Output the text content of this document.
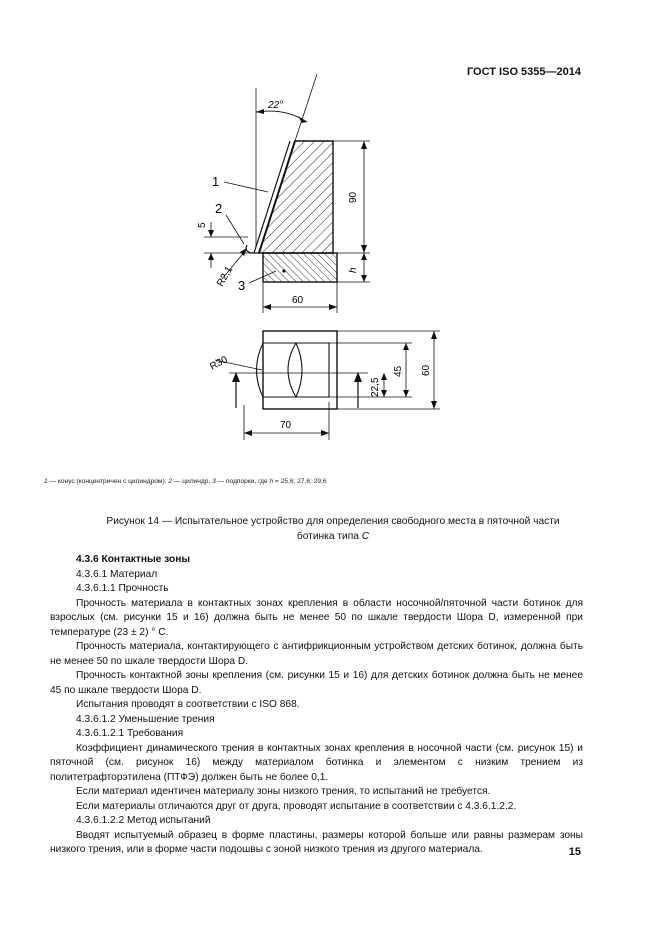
ГОСТ ISO 5355—2014
22°
90
h
60
5
R2,1
1
2
3
R30
22,5
45 60
70
1 — конус (концентричен с цилиндром), 2 — цилиндр, 3 — подпорки, где h = 25,6; 27,6; 29,6
Рисунок 14 — Испытательное устройство для определения свободного места в пяточной части
ботинка типа C

4.3.6 Контактные зоны

4.3.6.1 Материал

4.3.6.1.1 Прочность

Прочность материала в контактных зонах крепления в области носочной/пяточной части ботинок для взрослых (см. рисунки 15 и 16) должна быть не менее 50 по шкале твердости Шора D, измеренной при температуре (23 ± 2) ° C.

Прочность материала, контактирующего с антифрикционным устройством детских ботинок, должна быть не менее 50 по шкале твердости Шора D.

Прочность контактной зоны крепления (см. рисунки 15 и 16) для детских ботинок должна быть не менее 45 по шкале твердости Шора D.

Испытания проводят в соответствии с ISO 868.

4.3.6.1.2 Уменьшение трения

4.3.6.1.2.1 Требования

Коэффициент динамического трения в контактных зонах крепления в носочной части (см. рисунок 15) и пяточной (см. рисунок 16) между материалом ботинка и элементом с низким трением из политетрафторэтилена (ПТФЭ) должен быть не более 0,1.

Если материал идентичен материалу зоны низкого трения, то испытаний не требуется.

Если материалы отличаются друг от друга, проводят испытание в соответствии с 4.3.6.1.2.2.

4.3.6.1.2.2 Метод испытаний

Вводят испытуемый образец в форме пластины, размеры которой больше или равны размерам зоны низкого трения, или в форме части подошвы с зоной низкого трения из другого материала.	15
